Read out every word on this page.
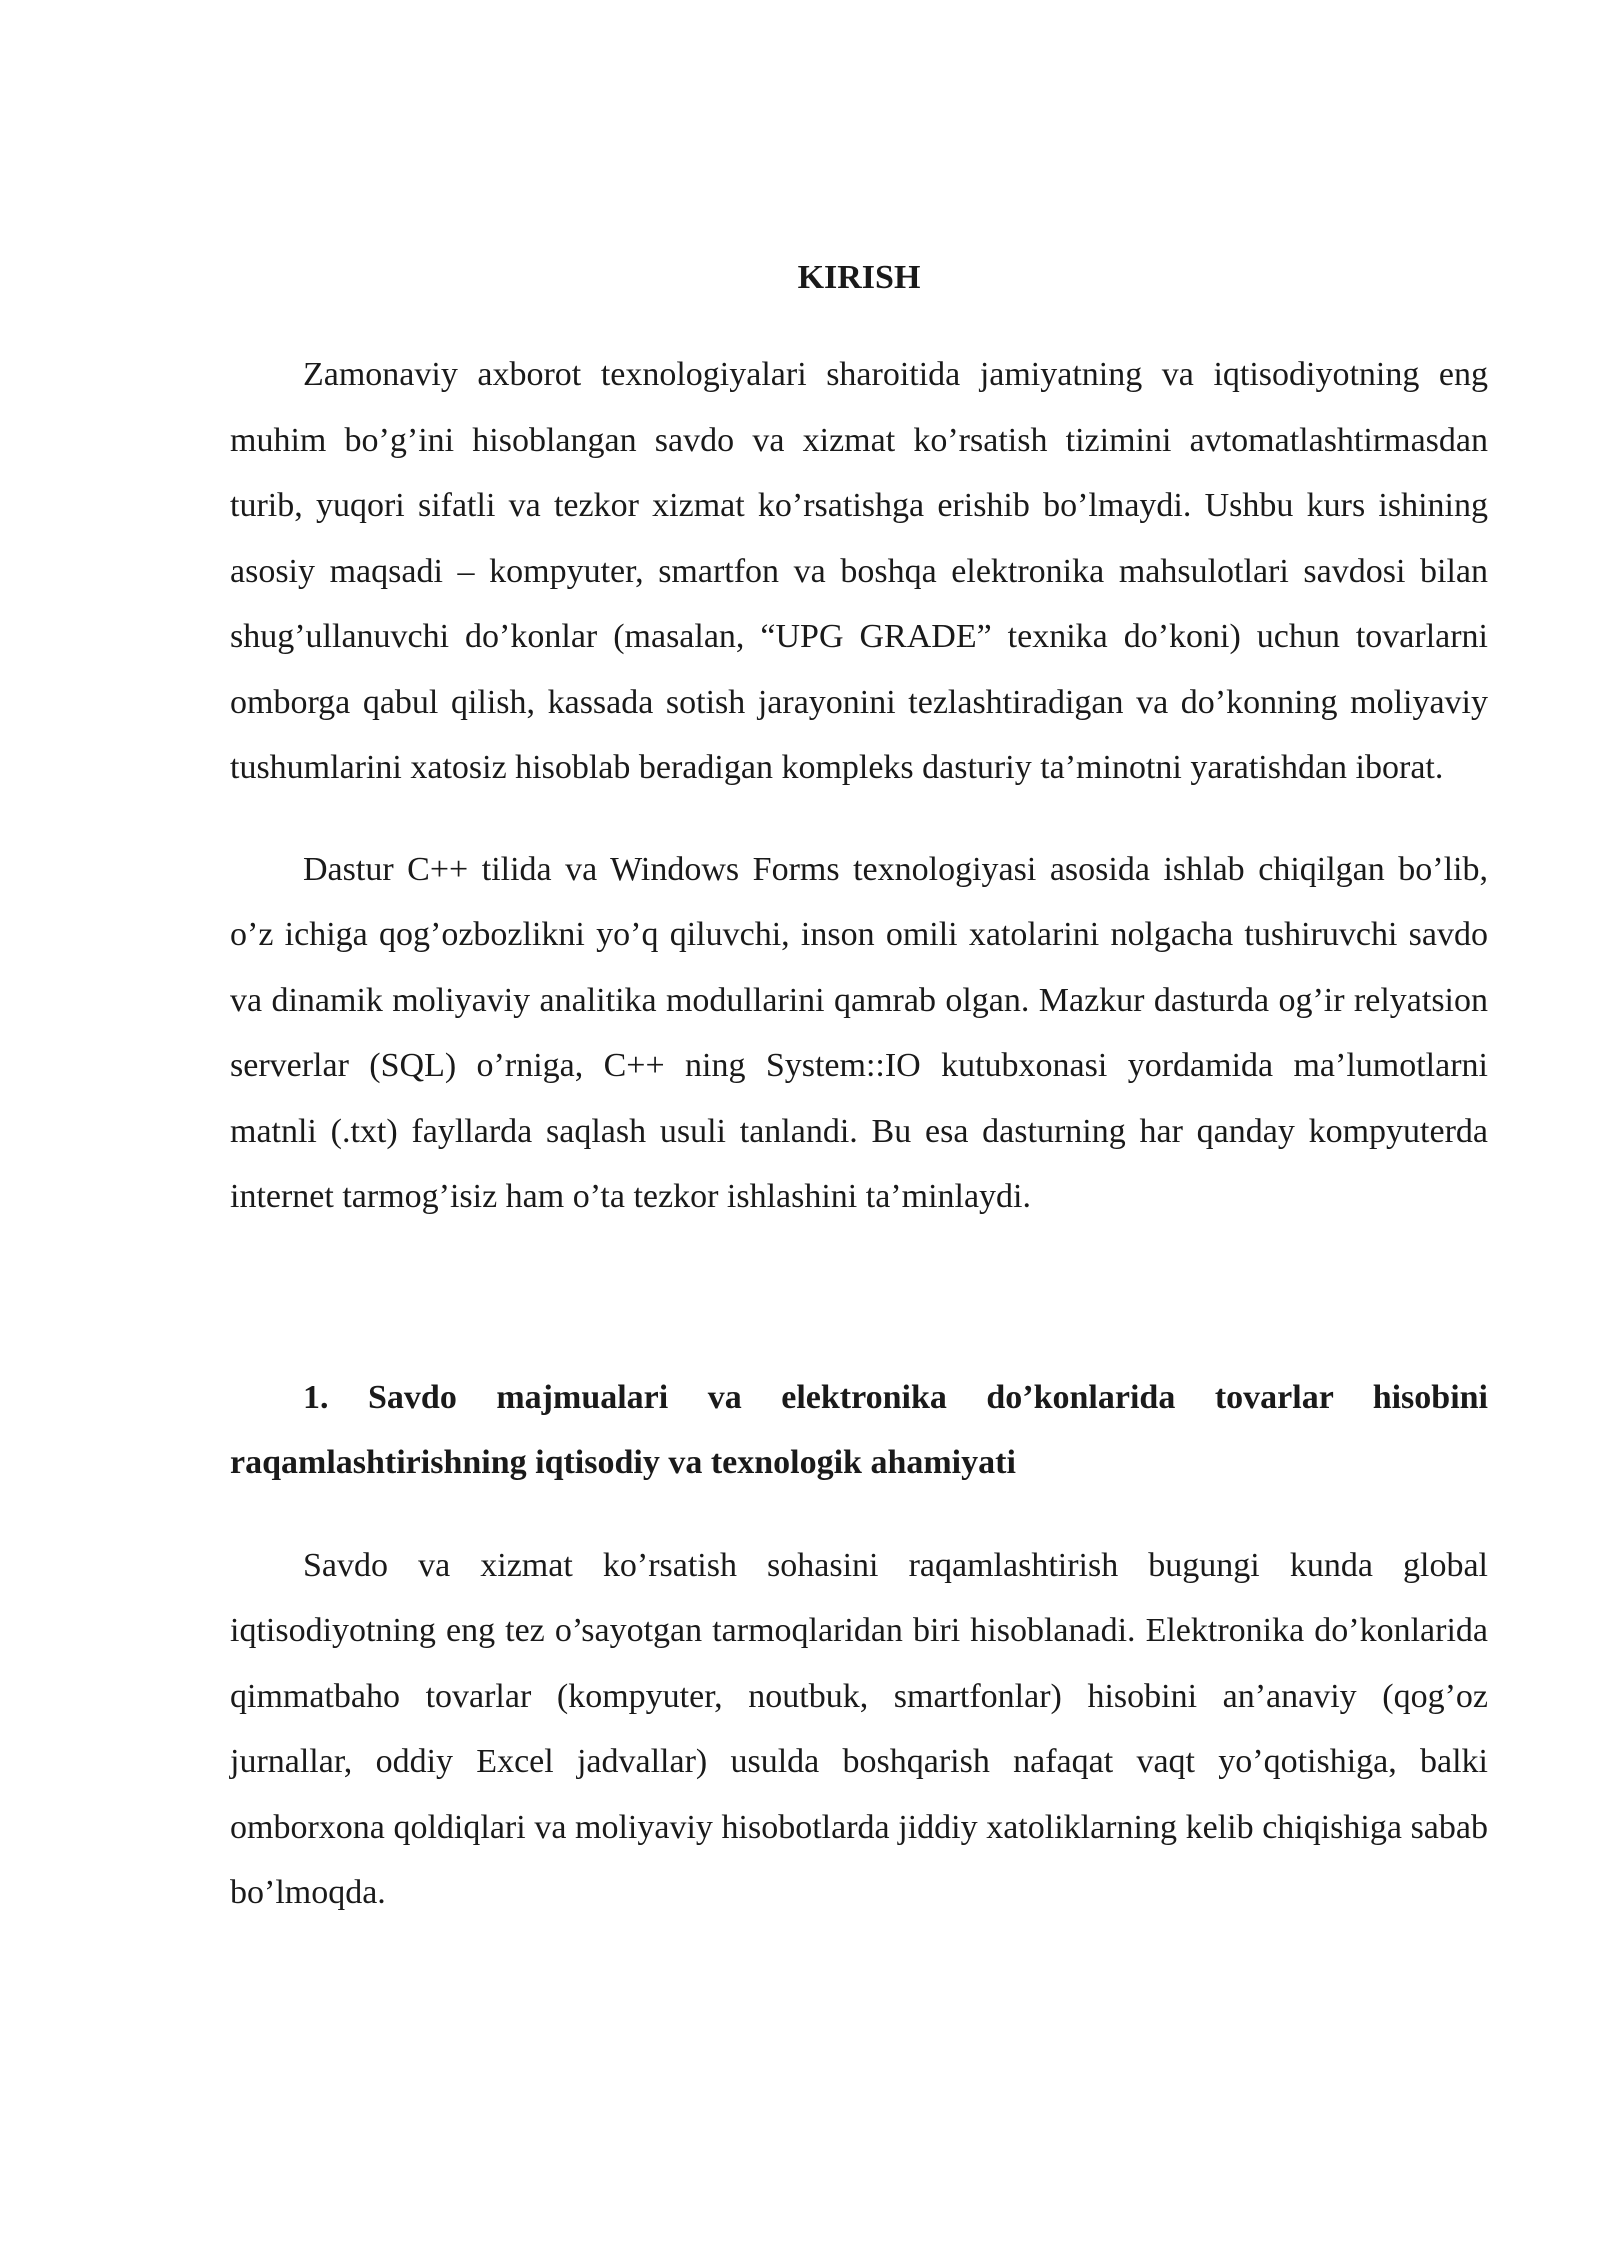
KIRISH

Zamonaviy axborot texnologiyalari sharoitida jamiyatning va iqtisodiyotning eng muhim bo’g’ini hisoblangan savdo va xizmat ko’rsatish tizimini avtomatlashtirmasdan turib, yuqori sifatli va tezkor xizmat ko’rsatishga erishib bo’lmaydi. Ushbu kurs ishining asosiy maqsadi – kompyuter, smartfon va boshqa elektronika mahsulotlari savdosi bilan shug’ullanuvchi do’konlar (masalan, “UPG GRADE” texnika do’koni) uchun tovarlarni omborga qabul qilish, kassada sotish jarayonini tezlashtiradigan va do’konning moliyaviy tushumlarini xatosiz hisoblab beradigan kompleks dasturiy ta’minotni yaratishdan iborat.

Dastur C++ tilida va Windows Forms texnologiyasi asosida ishlab chiqilgan bo’lib, o’z ichiga qog’ozbozlikni yo’q qiluvchi, inson omili xatolarini nolgacha tushiruvchi savdo va dinamik moliyaviy analitika modullarini qamrab olgan. Mazkur dasturda og’ir relyatsion serverlar (SQL) o’rniga, C++ ning System::IO kutubxonasi yordamida ma’lumotlarni matnli (.txt) fayllarda saqlash usuli tanlandi. Bu esa dasturning har qanday kompyuterda internet tarmog’isiz ham o’ta tezkor ishlashini ta’minlaydi.

1. Savdo majmualari va elektronika do’konlarida tovarlar hisobini raqamlashtirishning iqtisodiy va texnologik ahamiyati

Savdo va xizmat ko’rsatish sohasini raqamlashtirish bugungi kunda global iqtisodiyotning eng tez o’sayotgan tarmoqlaridan biri hisoblanadi. Elektronika do’konlarida qimmatbaho tovarlar (kompyuter, noutbuk, smartfonlar) hisobini an’anaviy (qog’oz jurnallar, oddiy Excel jadvallar) usulda boshqarish nafaqat vaqt yo’qotishiga, balki omborxona qoldiqlari va moliyaviy hisobotlarda jiddiy xatoliklarning kelib chiqishiga sabab bo’lmoqda.
